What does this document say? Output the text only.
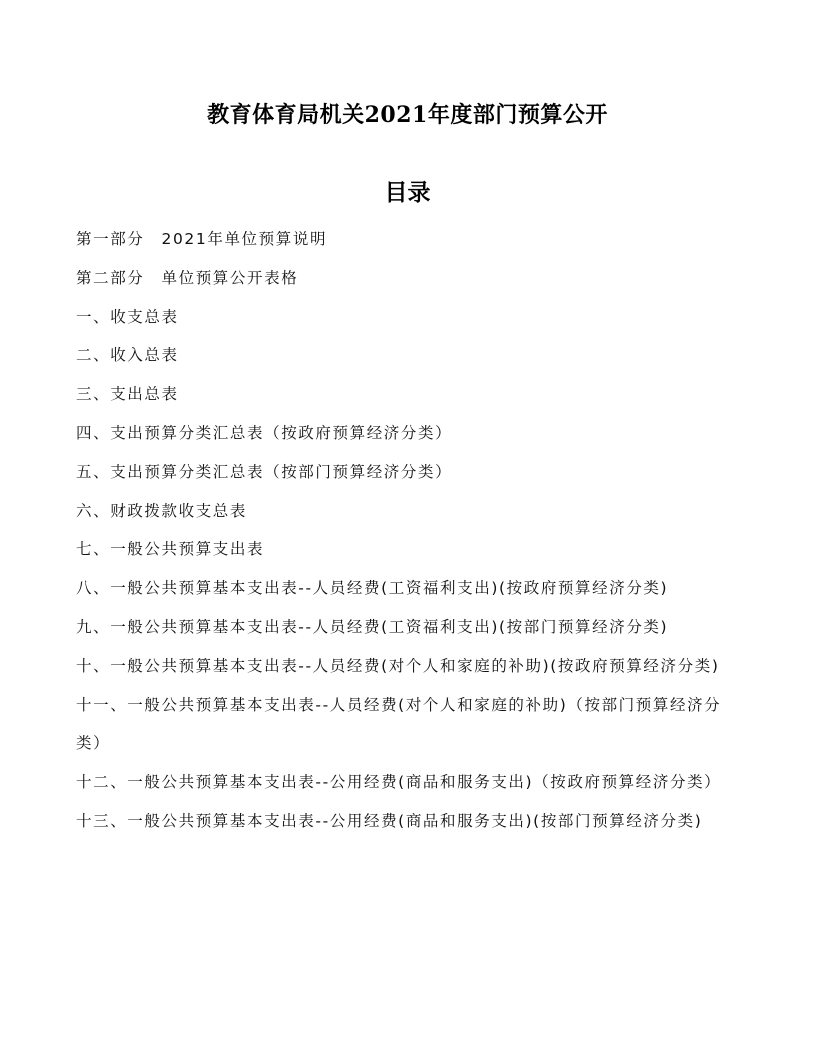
教育体育局机关2021年度部门预算公开
目录
第一部分　2021年单位预算说明
第二部分　单位预算公开表格
一、收支总表
二、收入总表
三、支出总表
四、支出预算分类汇总表（按政府预算经济分类）
五、支出预算分类汇总表（按部门预算经济分类）
六、财政拨款收支总表
七、一般公共预算支出表
八、一般公共预算基本支出表--人员经费(工资福利支出)(按政府预算经济分类)
九、一般公共预算基本支出表--人员经费(工资福利支出)(按部门预算经济分类)
十、一般公共预算基本支出表--人员经费(对个人和家庭的补助)(按政府预算经济分类)
十一、一般公共预算基本支出表--人员经费(对个人和家庭的补助)（按部门预算经济分类）
十二、一般公共预算基本支出表--公用经费(商品和服务支出)（按政府预算经济分类）
十三、一般公共预算基本支出表--公用经费(商品和服务支出)(按部门预算经济分类)
